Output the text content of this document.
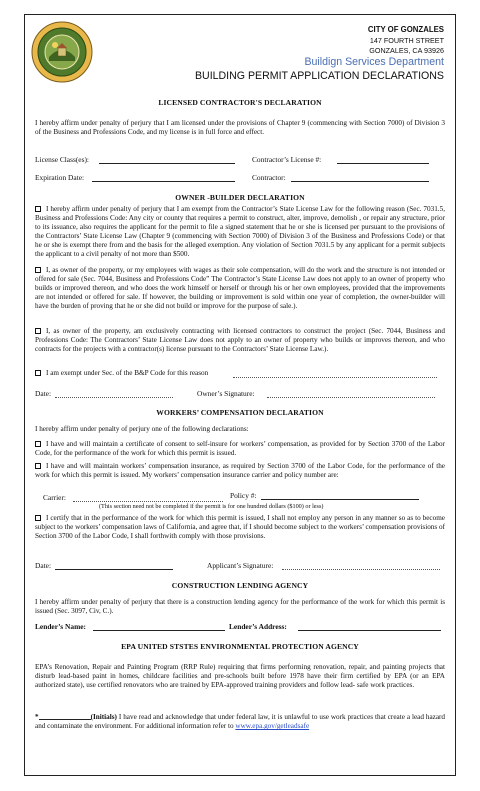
CITY OF GONZALES
147 FOURTH STREET
GONZALES, CA 93926
Buildign Services Department
BUILDING PERMIT APPLICATION DECLARATIONS
LICENSED CONTRACTOR'S DECLARATION

I hereby affirm under penalty of perjury that I am licensed under the provisions of Chapter 9 (commencing with Section 7000) of Division 3 of the Business and Professions Code, and my license is in full force and effect.

License Class(es):	Contractor’s License #:
Expiration Date:	Contractor:
OWNER -BUILDER DECLARATION

I hereby affirm under penalty of perjury that I am exempt from the Contractor’s State License Law for the following reason (Sec. 7031.5, Business and Professions Code: Any city or county that requires a permit to construct, alter, improve, demolish , or repair any structure, prior to its issuance, also requires the applicant for the permit to file a signed statement that he or she is licensed per pursuant to the provisions of the Contractors’ State License Law (Chapter 9 (commencing with Section 7000) of Division 3 of the Business and Professions Code) or that he or she is exempt there from and the basis for the alleged exemption. Any violation of Section 7031.5 by any applicant for a permit subjects the applicant to a civil penalty of not more than $500.

I, as owner of the property, or my employees with wages as their sole compensation, will do the work and the structure is not intended or offered for sale (Sec. 7044, Business and Professions Code” The Contractor’s State License Law does not apply to an owner of property who builds or improved thereon, and who does the work himself or herself or through his or her own employees, provided that the improvements are not intended or offered for sale. If however, the building or improvement is sold within one year of completion, the owner-builder will have the burden of proving that he or she did not build or improve for the purpose of sale.).

I, as owner of the property, am exclusively contracting with licensed contractors to construct the project (Sec. 7044, Business and Professions Code: The Contractors’ State License Law does not apply to an owner of property who builds or improves thereon, and who contracts for the projects with a contractor(s) license pursuant to the Contractors’ State License Law.).

I am exempt under Sec. of the B&P Code for this reason

Date:	Owner’s Signature:
WORKERS’ COMPENSATION DECLARATION

I hereby affirm under penalty of perjury one of the following declarations:

I have and will maintain a certificate of consent to self-insure for workers’ compensation, as provided for by Section 3700 of the Labor Code, for the performance of the work for which this permit is issued.

I have and will maintain workers’ compensation insurance, as required by Section 3700 of the Labor Code, for the performance of the work for which this permit is issued. My workers’ compensation insurance carrier and policy number are:

Carrier:	Policy #:
(This section need not be completed if the permit is for one hundred dollars ($100) or less)

I certify that in the performance of the work for which this permit is issued, I shall not employ any person in any manner so as to become subject to the workers’ compensation laws of California, and agree that, if I should become subject to the workers’ compensation provisions of Section 3700 of the Labor Code, I shall forthwith comply with those provisions.

Date:	Applicant’s Signature:
CONSTRUCTION LENDING AGENCY

I hereby affirm under penalty of perjury that there is a construction lending agency for the performance of the work for which this permit is issued (Sec. 3097, Civ, C.).

Lender’s Name:	Lender’s Address:
EPA UNITED STSTES ENVIRONMENTAL PROTECTION AGENCY

EPA’s Renovation, Repair and Painting Program (RRP Rule) requiring that firms performing renovation, repair, and painting projects that disturb lead-based paint in homes, childcare facilities and pre-schools built before 1978 have their firm certified by EPA (or an EPA authorized state), use certified renovators who are trained by EPA-approved training providers and follow lead- safe work practices.

*	(Initials) I have read and acknowledge that under federal law, it is unlawful to use work practices that create a lead hazard and contaminate the environment. For additional information refer to www.epa.gov/getleadsafe
